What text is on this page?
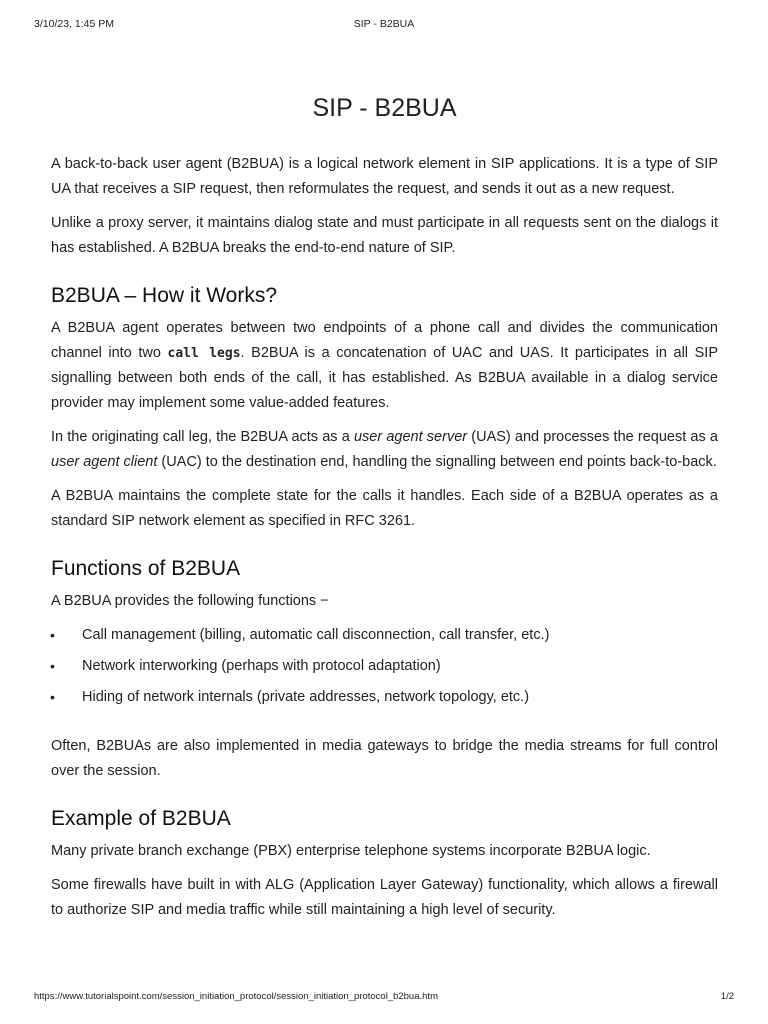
3/10/23, 1:45 PM	SIP - B2BUA
SIP - B2BUA

A back-to-back user agent (B2BUA) is a logical network element in SIP applications. It is a type of SIP UA that receives a SIP request, then reformulates the request, and sends it out as a new request.

Unlike a proxy server, it maintains dialog state and must participate in all requests sent on the dialogs it has established. A B2BUA breaks the end-to-end nature of SIP.

B2BUA – How it Works?

A B2BUA agent operates between two endpoints of a phone call and divides the communication channel into two call legs. B2BUA is a concatenation of UAC and UAS. It participates in all SIP signalling between both ends of the call, it has established. As B2BUA available in a dialog service provider may implement some value-added features.

In the originating call leg, the B2BUA acts as a user agent server (UAS) and processes the request as a user agent client (UAC) to the destination end, handling the signalling between end points back-to-back.

A B2BUA maintains the complete state for the calls it handles. Each side of a B2BUA operates as a standard SIP network element as specified in RFC 3261.

Functions of B2BUA

A B2BUA provides the following functions −

• Call management (billing, automatic call disconnection, call transfer, etc.)
• Network interworking (perhaps with protocol adaptation)
• Hiding of network internals (private addresses, network topology, etc.)

Often, B2BUAs are also implemented in media gateways to bridge the media streams for full control over the session.

Example of B2BUA

Many private branch exchange (PBX) enterprise telephone systems incorporate B2BUA logic.

Some firewalls have built in with ALG (Application Layer Gateway) functionality, which allows a firewall to authorize SIP and media traffic while still maintaining a high level of security.

https://www.tutorialspoint.com/session_initiation_protocol/session_initiation_protocol_b2bua.htm	1/2
